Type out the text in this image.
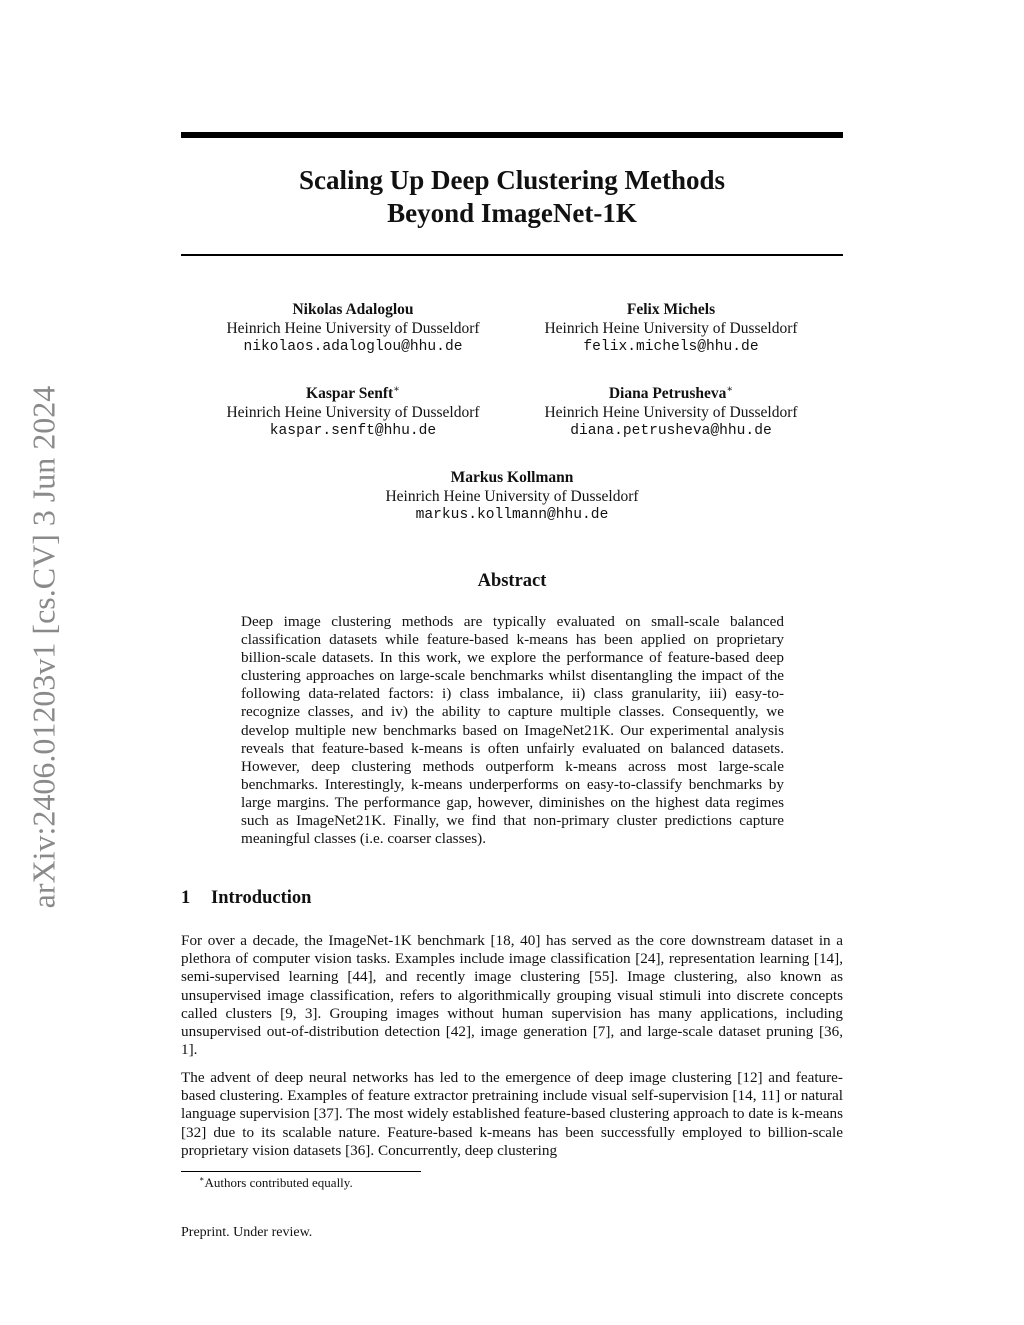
arXiv:2406.01203v1 [cs.CV] 3 Jun 2024
Scaling Up Deep Clustering Methods
Beyond ImageNet-1K
Nikolas Adaloglou
Heinrich Heine University of Dusseldorf
nikolaos.adaloglou@hhu.de
Felix Michels
Heinrich Heine University of Dusseldorf
felix.michels@hhu.de
Kaspar Senft∗
Heinrich Heine University of Dusseldorf
kaspar.senft@hhu.de
Diana Petrusheva∗
Heinrich Heine University of Dusseldorf
diana.petrusheva@hhu.de
Markus Kollmann
Heinrich Heine University of Dusseldorf
markus.kollmann@hhu.de
Abstract

Deep image clustering methods are typically evaluated on small-scale balanced classification datasets while feature-based k-means has been applied on proprietary billion-scale datasets. In this work, we explore the performance of feature-based deep clustering approaches on large-scale benchmarks whilst disentangling the impact of the following data-related factors: i) class imbalance, ii) class granularity, iii) easy-to-recognize classes, and iv) the ability to capture multiple classes. Consequently, we develop multiple new benchmarks based on ImageNet21K. Our experimental analysis reveals that feature-based k-means is often unfairly evaluated on balanced datasets. However, deep clustering methods outperform k-means across most large-scale benchmarks. Interestingly, k-means underperforms on easy-to-classify benchmarks by large margins. The performance gap, however, diminishes on the highest data regimes such as ImageNet21K. Finally, we find that non-primary cluster predictions capture meaningful classes (i.e. coarser classes).

1 Introduction

For over a decade, the ImageNet-1K benchmark [18, 40] has served as the core downstream dataset in a plethora of computer vision tasks. Examples include image classification [24], representation learning [14], semi-supervised learning [44], and recently image clustering [55]. Image clustering, also known as unsupervised image classification, refers to algorithmically grouping visual stimuli into discrete concepts called clusters [9, 3]. Grouping images without human supervision has many applications, including unsupervised out-of-distribution detection [42], image generation [7], and large-scale dataset pruning [36, 1].

The advent of deep neural networks has led to the emergence of deep image clustering [12] and feature-based clustering. Examples of feature extractor pretraining include visual self-supervision [14, 11] or natural language supervision [37]. The most widely established feature-based clustering approach to date is k-means [32] due to its scalable nature. Feature-based k-means has been successfully employed to billion-scale proprietary vision datasets [36]. Concurrently, deep clustering

∗Authors contributed equally.
Preprint. Under review.
